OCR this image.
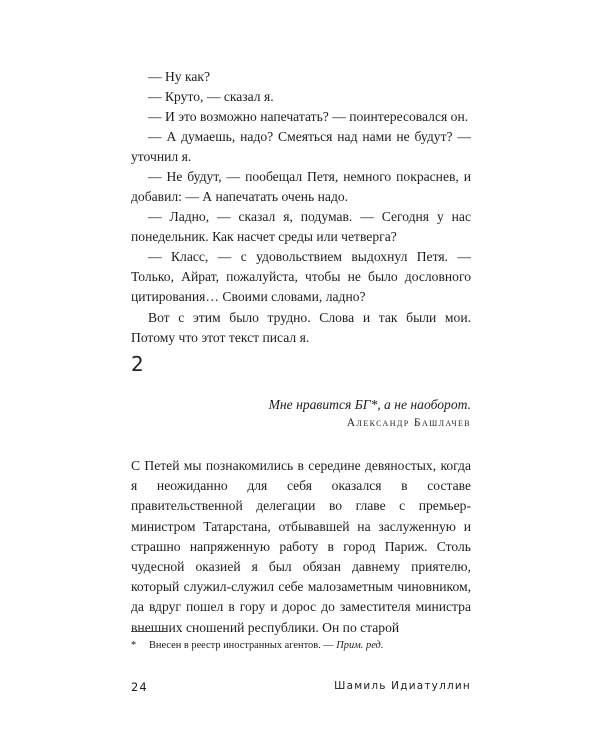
— Ну как?

— Круто, — сказал я.

— И это возможно напечатать? — поинтересовался он.

— А думаешь, надо? Смеяться над нами не будут? — уточнил я.

— Не будут, — пообещал Петя, немного покраснев, и добавил: — А напечатать очень надо.

— Ладно, — сказал я, подумав. — Сегодня у нас понедельник. Как насчет среды или четверга?

— Класс, — с удовольствием выдохнул Петя. — Только, Айрат, пожалуйста, чтобы не было дословного цитирования… Своими словами, ладно?

Вот с этим было трудно. Слова и так были мои. Потому что этот текст писал я.

2

Мне нравится БГ*, а не наоборот.

Александр Башлачев

С Петей мы познакомились в середине девяностых, когда я неожиданно для себя оказался в составе правительственной делегации во главе с премьер-министром Татарстана, отбывавшей на заслуженную и страшно напряженную работу в город Париж. Столь чудесной оказией я был обязан давнему приятелю, который служил-служил себе малозаметным чиновником, да вдруг пошел в гору и дорос до заместителя министра внешних сношений республики. Он по старой

* Внесен в реестр иностранных агентов. — Прим. ред.

24	Шамиль Идиатуллин
